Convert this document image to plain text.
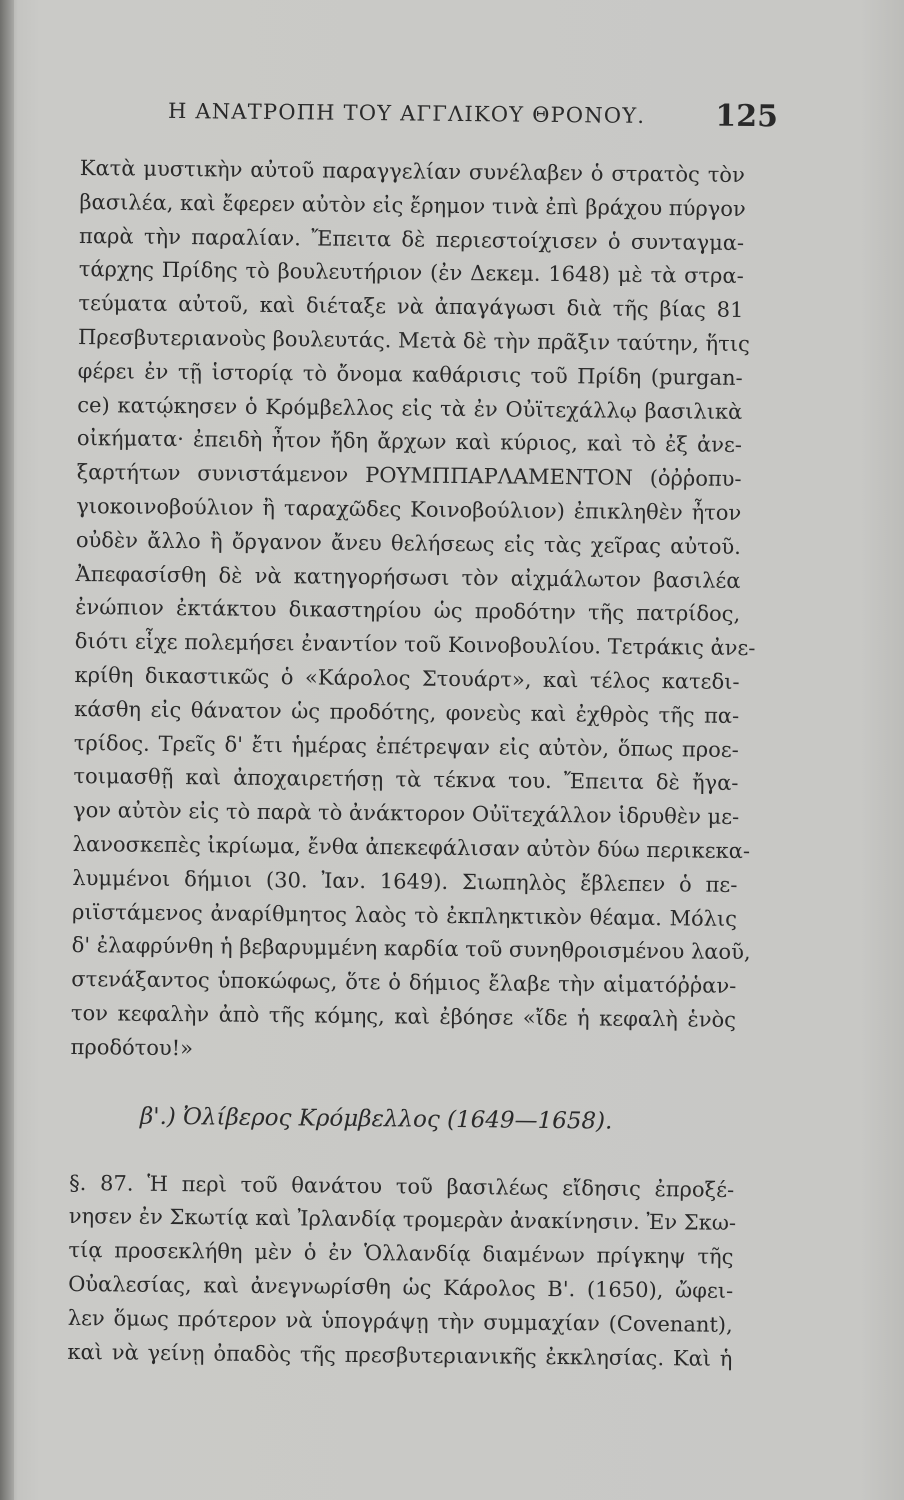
Η ΑΝΑΤΡΟΠΗ ΤΟΥ ΑΓΓΛΙΚΟΥ ΘΡΟΝΟΥ. 125
Κατὰ μυστικὴν αὐτοῦ παραγγελίαν συνέλαβεν ὁ στρατὸς τὸν
βασιλέα, καὶ ἔφερεν αὐτὸν εἰς ἔρημον τινὰ ἐπὶ βράχου πύργον
παρὰ τὴν παραλίαν. Ἔπειτα δὲ περιεστοίχισεν ὁ συνταγμα-
τάρχης Πρίδης τὸ βουλευτήριον (ἐν Δεκεμ. 1648) μὲ τὰ στρα-
τεύματα αὐτοῦ, καὶ διέταξε νὰ ἀπαγάγωσι διὰ τῆς βίας 81
Πρεσβυτεριανοὺς βουλευτάς. Μετὰ δὲ τὴν πρᾶξιν ταύτην, ἥτις
φέρει ἐν τῇ ἱστορίᾳ τὸ ὄνομα καθάρισις τοῦ Πρίδη (purgan-
ce) κατῴκησεν ὁ Κρόμβελλος εἰς τὰ ἐν Οὐϊτεχάλλῳ βασιλικὰ
οἰκήματα· ἐπειδὴ ἦτον ἤδη ἄρχων καὶ κύριος, καὶ τὸ ἐξ ἀνε-
ξαρτήτων συνιστάμενον ΡΟΥΜΠΠΑΡΛΑΜΕΝΤΟΝ (ὀῤῥοπυ-
γιοκοινοβούλιον ἢ ταραχῶδες Κοινοβούλιον) ἐπικληθὲν ἦτον
οὐδὲν ἄλλο ἢ ὄργανον ἄνευ θελήσεως εἰς τὰς χεῖρας αὐτοῦ.
Ἀπεφασίσθη δὲ νὰ κατηγορήσωσι τὸν αἰχμάλωτον βασιλέα
ἐνώπιον ἐκτάκτου δικαστηρίου ὡς προδότην τῆς πατρίδος,
διότι εἶχε πολεμήσει ἐναντίον τοῦ Κοινοβουλίου. Τετράκις ἀνε-
κρίθη δικαστικῶς ὁ «Κάρολος Στουάρτ», καὶ τέλος κατεδι-
κάσθη εἰς θάνατον ὡς προδότης, φονεὺς καὶ ἐχθρὸς τῆς πα-
τρίδος. Τρεῖς δ' ἔτι ἡμέρας ἐπέτρεψαν εἰς αὐτὸν, ὅπως προε-
τοιμασθῇ καὶ ἀποχαιρετήσῃ τὰ τέκνα του. Ἔπειτα δὲ ἤγα-
γον αὐτὸν εἰς τὸ παρὰ τὸ ἀνάκτορον Οὐϊτεχάλλον ἱδρυθὲν με-
λανοσκεπὲς ἰκρίωμα, ἔνθα ἀπεκεφάλισαν αὐτὸν δύω περικεκα-
λυμμένοι δήμιοι (30. Ἰαν. 1649). Σιωπηλὸς ἔβλεπεν ὁ πε-
ριϊστάμενος ἀναρίθμητος λαὸς τὸ ἐκπληκτικὸν θέαμα. Μόλις
δ' ἐλαφρύνθη ἡ βεβαρυμμένη καρδία τοῦ συνηθροισμένου λαοῦ,
στενάξαντος ὑποκώφως, ὅτε ὁ δήμιος ἔλαβε τὴν αἱματόῤῥαν-
τον κεφαλὴν ἀπὸ τῆς κόμης, καὶ ἐβόησε «ἴδε ἡ κεφαλὴ ἑνὸς
προδότου!»
β'.) Ὀλίβερος Κρόμβελλος (1649—1658).
§. 87. Ἡ περὶ τοῦ θανάτου τοῦ βασιλέως εἴδησις ἐπροξέ-
νησεν ἐν Σκωτίᾳ καὶ Ἰρλανδίᾳ τρομερὰν ἀνακίνησιν. Ἐν Σκω-
τίᾳ προσεκλήθη μὲν ὁ ἐν Ὁλλανδίᾳ διαμένων πρίγκηψ τῆς
Οὐαλεσίας, καὶ ἀνεγνωρίσθη ὡς Κάρολος Β'. (1650), ὤφει-
λεν ὅμως πρότερον νὰ ὑπογράψῃ τὴν συμμαχίαν (Covenant),
καὶ νὰ γείνῃ ὀπαδὸς τῆς πρεσβυτεριανικῆς ἐκκλησίας. Καὶ ἡ
